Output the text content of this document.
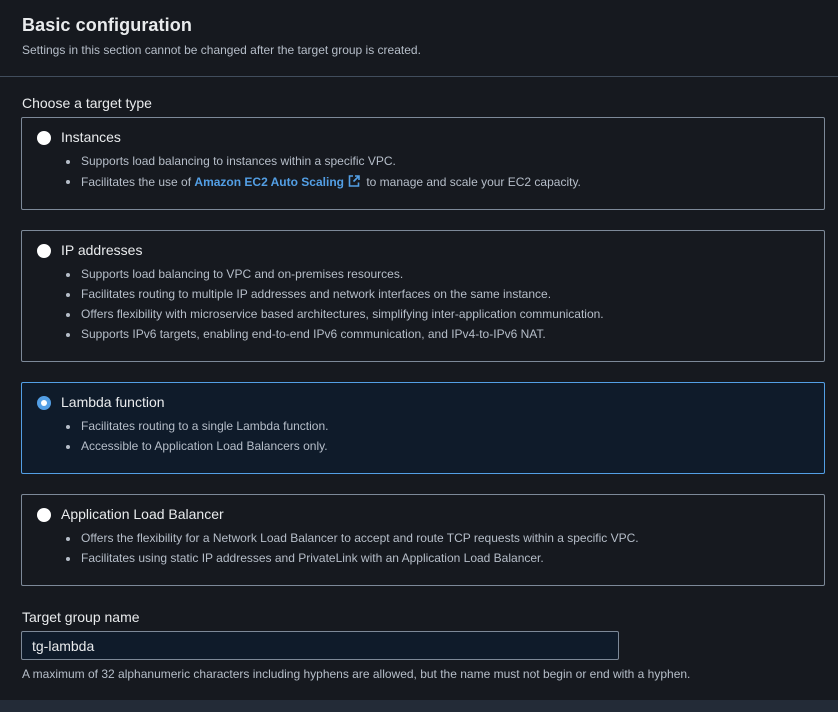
Basic configuration
Settings in this section cannot be changed after the target group is created.
Choose a target type
Instances
Supports load balancing to instances within a specific VPC.
Facilitates the use of Amazon EC2 Auto Scaling to manage and scale your EC2 capacity.
IP addresses
Supports load balancing to VPC and on-premises resources.
Facilitates routing to multiple IP addresses and network interfaces on the same instance.
Offers flexibility with microservice based architectures, simplifying inter-application communication.
Supports IPv6 targets, enabling end-to-end IPv6 communication, and IPv4-to-IPv6 NAT.
Lambda function
Facilitates routing to a single Lambda function.
Accessible to Application Load Balancers only.
Application Load Balancer
Offers the flexibility for a Network Load Balancer to accept and route TCP requests within a specific VPC.
Facilitates using static IP addresses and PrivateLink with an Application Load Balancer.
Target group name
tg-lambda
A maximum of 32 alphanumeric characters including hyphens are allowed, but the name must not begin or end with a hyphen.
